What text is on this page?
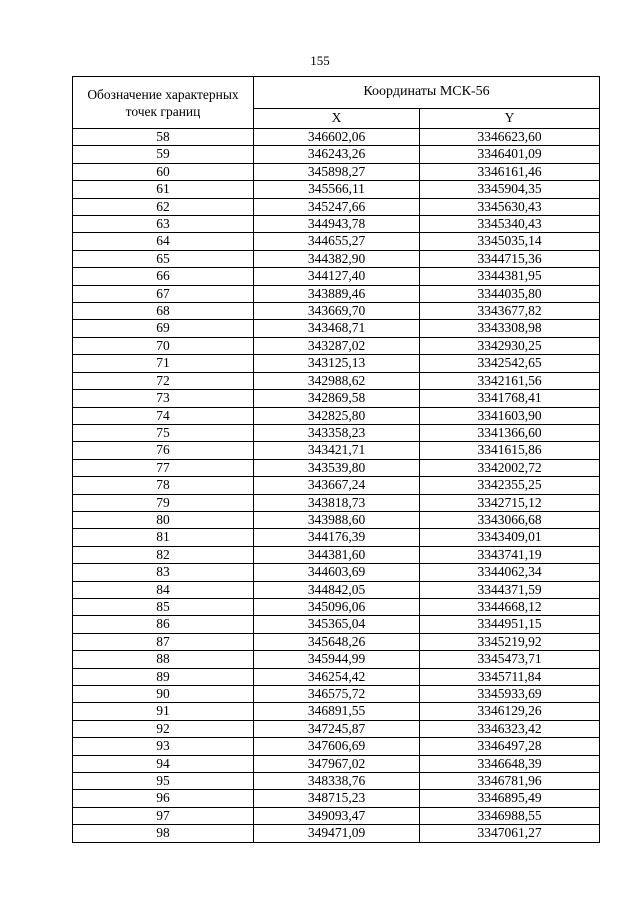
155
Обозначение характерных точек границ	Координаты МСК-56	
	X	Y
58	346602,06	3346623,60
59	346243,26	3346401,09
60	345898,27	3346161,46
61	345566,11	3345904,35
62	345247,66	3345630,43
63	344943,78	3345340,43
64	344655,27	3345035,14
65	344382,90	3344715,36
66	344127,40	3344381,95
67	343889,46	3344035,80
68	343669,70	3343677,82
69	343468,71	3343308,98
70	343287,02	3342930,25
71	343125,13	3342542,65
72	342988,62	3342161,56
73	342869,58	3341768,41
74	342825,80	3341603,90
75	343358,23	3341366,60
76	343421,71	3341615,86
77	343539,80	3342002,72
78	343667,24	3342355,25
79	343818,73	3342715,12
80	343988,60	3343066,68
81	344176,39	3343409,01
82	344381,60	3343741,19
83	344603,69	3344062,34
84	344842,05	3344371,59
85	345096,06	3344668,12
86	345365,04	3344951,15
87	345648,26	3345219,92
88	345944,99	3345473,71
89	346254,42	3345711,84
90	346575,72	3345933,69
91	346891,55	3346129,26
92	347245,87	3346323,42
93	347606,69	3346497,28
94	347967,02	3346648,39
95	348338,76	3346781,96
96	348715,23	3346895,49
97	349093,47	3346988,55
98	349471,09	3347061,27
